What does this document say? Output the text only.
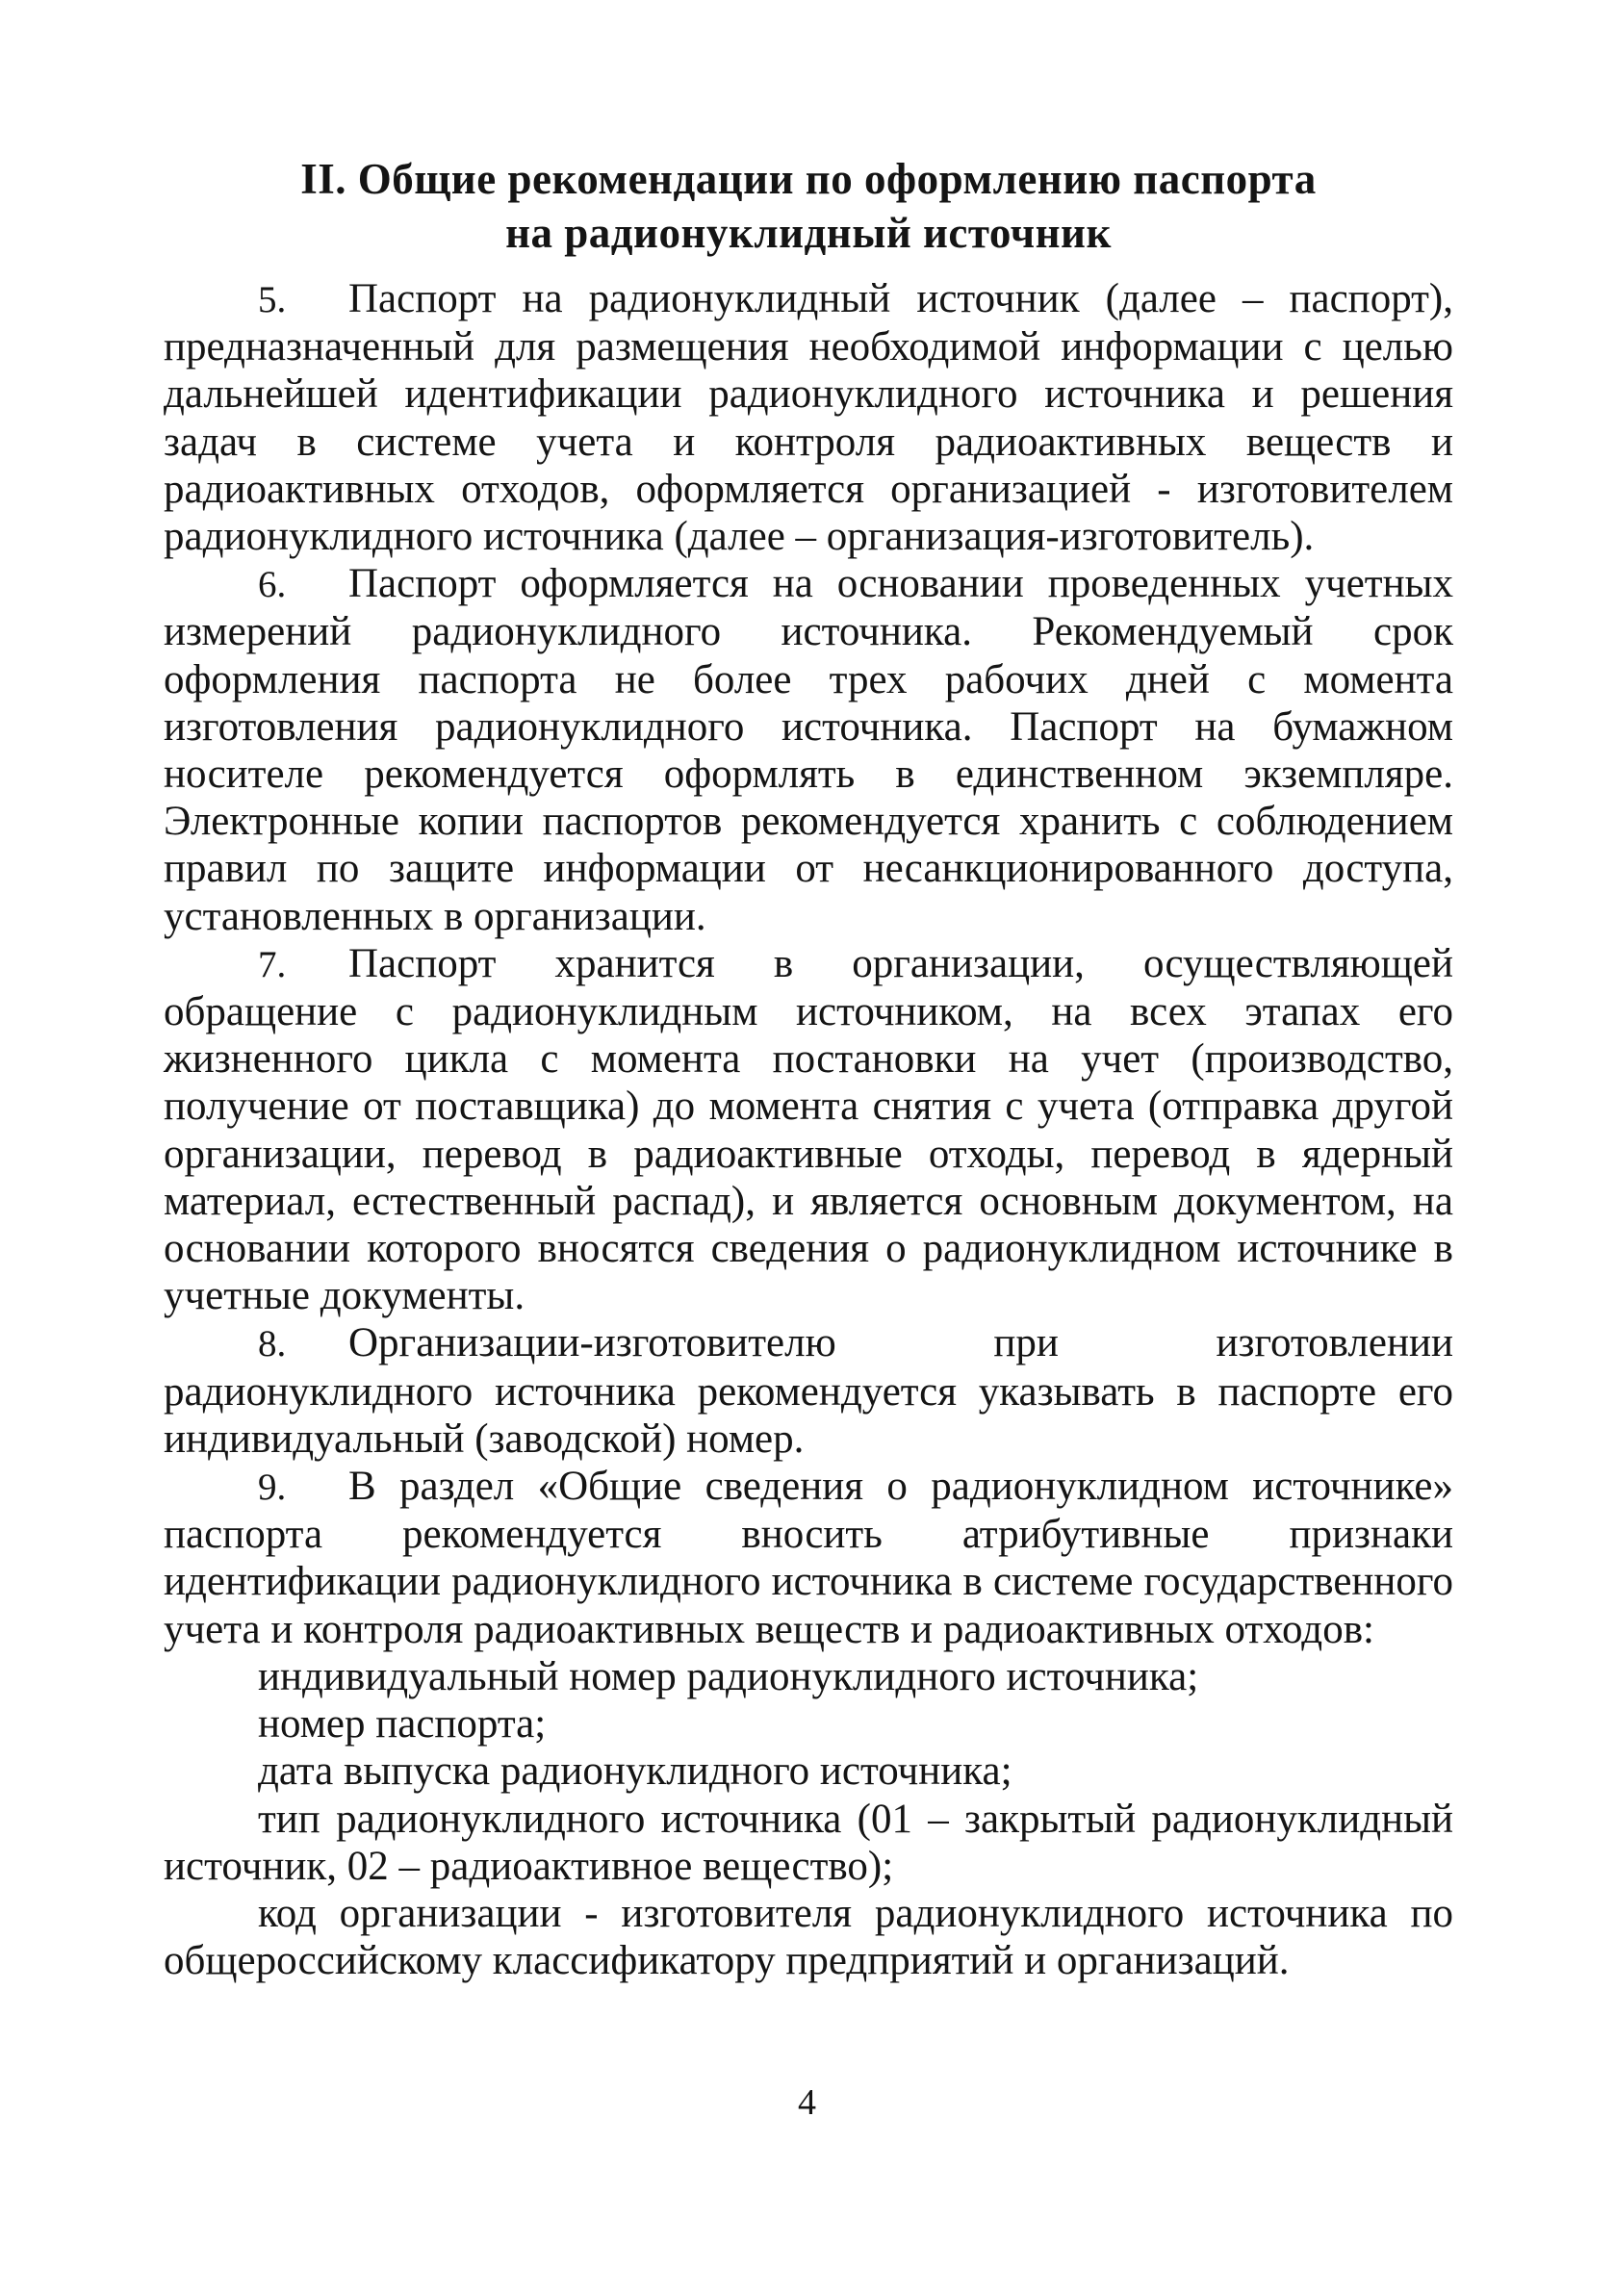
II. Общие рекомендации по оформлению паспорта
на радионуклидный источник

5. Паспорт на радионуклидный источник (далее – паспорт), предназначенный для размещения необходимой информации с целью дальнейшей идентификации радионуклидного источника и решения задач в системе учета и контроля радиоактивных веществ и радиоактивных отходов, оформляется организацией - изготовителем радионуклидного источника (далее – организация-изготовитель).

6. Паспорт оформляется на основании проведенных учетных измерений радионуклидного источника. Рекомендуемый срок оформления паспорта не более трех рабочих дней с момента изготовления радионуклидного источника. Паспорт на бумажном носителе рекомендуется оформлять в единственном экземпляре. Электронные копии паспортов рекомендуется хранить с соблюдением правил по защите информации от несанкционированного доступа, установленных в организации.

7. Паспорт хранится в организации, осуществляющей обращение с радионуклидным источником, на всех этапах его жизненного цикла с момента постановки на учет (производство, получение от поставщика) до момента снятия с учета (отправка другой организации, перевод в радиоактивные отходы, перевод в ядерный материал, естественный распад), и является основным документом, на основании которого вносятся сведения о радионуклидном источнике в учетные документы.

8. Организации-изготовителю при изготовлении радионуклидного источника рекомендуется указывать в паспорте его индивидуальный (заводской) номер.

9. В раздел «Общие сведения о радионуклидном источнике» паспорта рекомендуется вносить атрибутивные признаки идентификации радионуклидного источника в системе государственного учета и контроля радиоактивных веществ и радиоактивных отходов:

индивидуальный номер радионуклидного источника;

номер паспорта;

дата выпуска радионуклидного источника;

тип радионуклидного источника (01 – закрытый радионуклидный источник, 02 – радиоактивное вещество);

код организации - изготовителя радионуклидного источника по общероссийскому классификатору предприятий и организаций.

4
